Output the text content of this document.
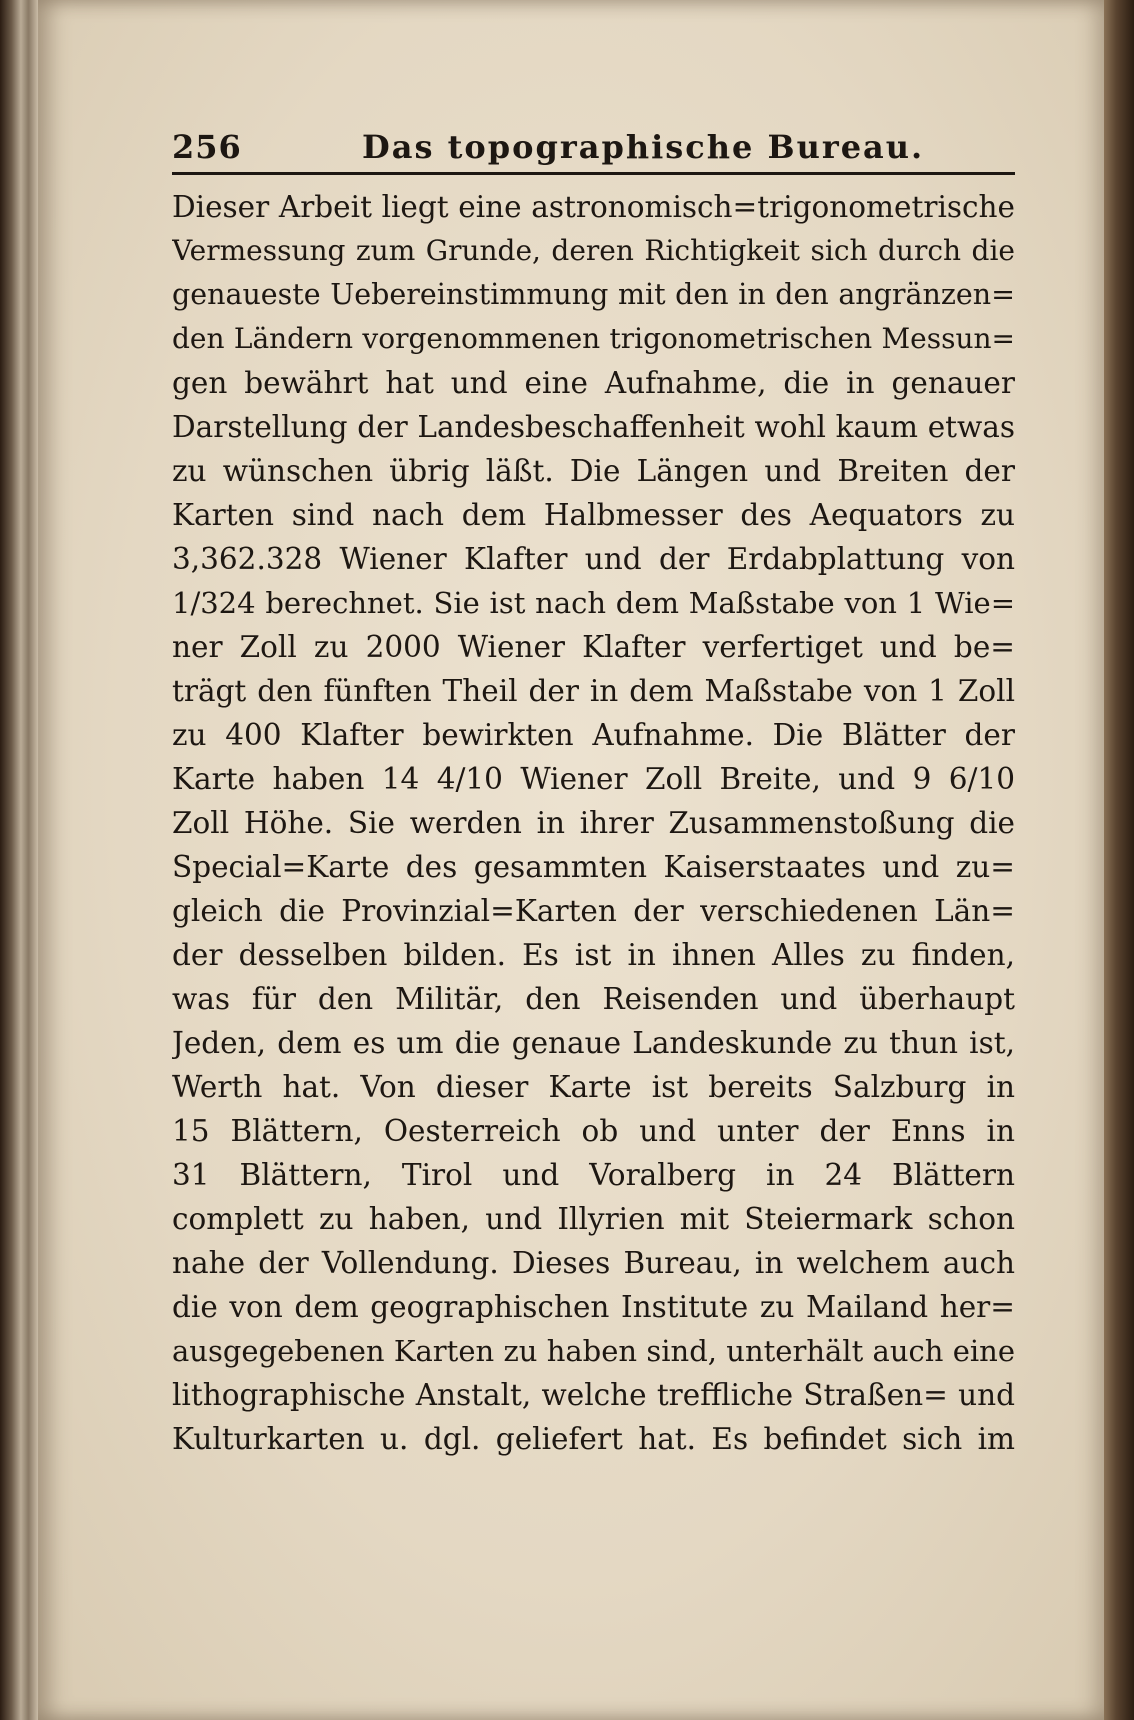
256	Das topographische Bureau.
Dieser Arbeit liegt eine astronomisch=trigonometrische
Vermessung zum Grunde, deren Richtigkeit sich durch die
genaueste Uebereinstimmung mit den in den angränzen=
den Ländern vorgenommenen trigonometrischen Messun=
gen bewährt hat und eine Aufnahme, die in genauer
Darstellung der Landesbeschaffenheit wohl kaum etwas
zu wünschen übrig läßt. Die Längen und Breiten der
Karten sind nach dem Halbmesser des Aequators zu
3,362.328 Wiener Klafter und der Erdabplattung von
1/324 berechnet. Sie ist nach dem Maßstabe von 1 Wie=
ner Zoll zu 2000 Wiener Klafter verfertiget und be=
trägt den fünften Theil der in dem Maßstabe von 1 Zoll
zu 400 Klafter bewirkten Aufnahme. Die Blätter der
Karte haben 14 4/10 Wiener Zoll Breite, und 9 6/10
Zoll Höhe. Sie werden in ihrer Zusammenstoßung die
Special=Karte des gesammten Kaiserstaates und zu=
gleich die Provinzial=Karten der verschiedenen Län=
der desselben bilden. Es ist in ihnen Alles zu finden,
was für den Militär, den Reisenden und überhaupt
Jeden, dem es um die genaue Landeskunde zu thun ist,
Werth hat. Von dieser Karte ist bereits Salzburg in
15 Blättern, Oesterreich ob und unter der Enns in
31 Blättern, Tirol und Voralberg in 24 Blättern
complett zu haben, und Illyrien mit Steiermark schon
nahe der Vollendung. Dieses Bureau, in welchem auch
die von dem geographischen Institute zu Mailand her=
ausgegebenen Karten zu haben sind, unterhält auch eine
lithographische Anstalt, welche treffliche Straßen= und
Kulturkarten u. dgl. geliefert hat. Es befindet sich im
